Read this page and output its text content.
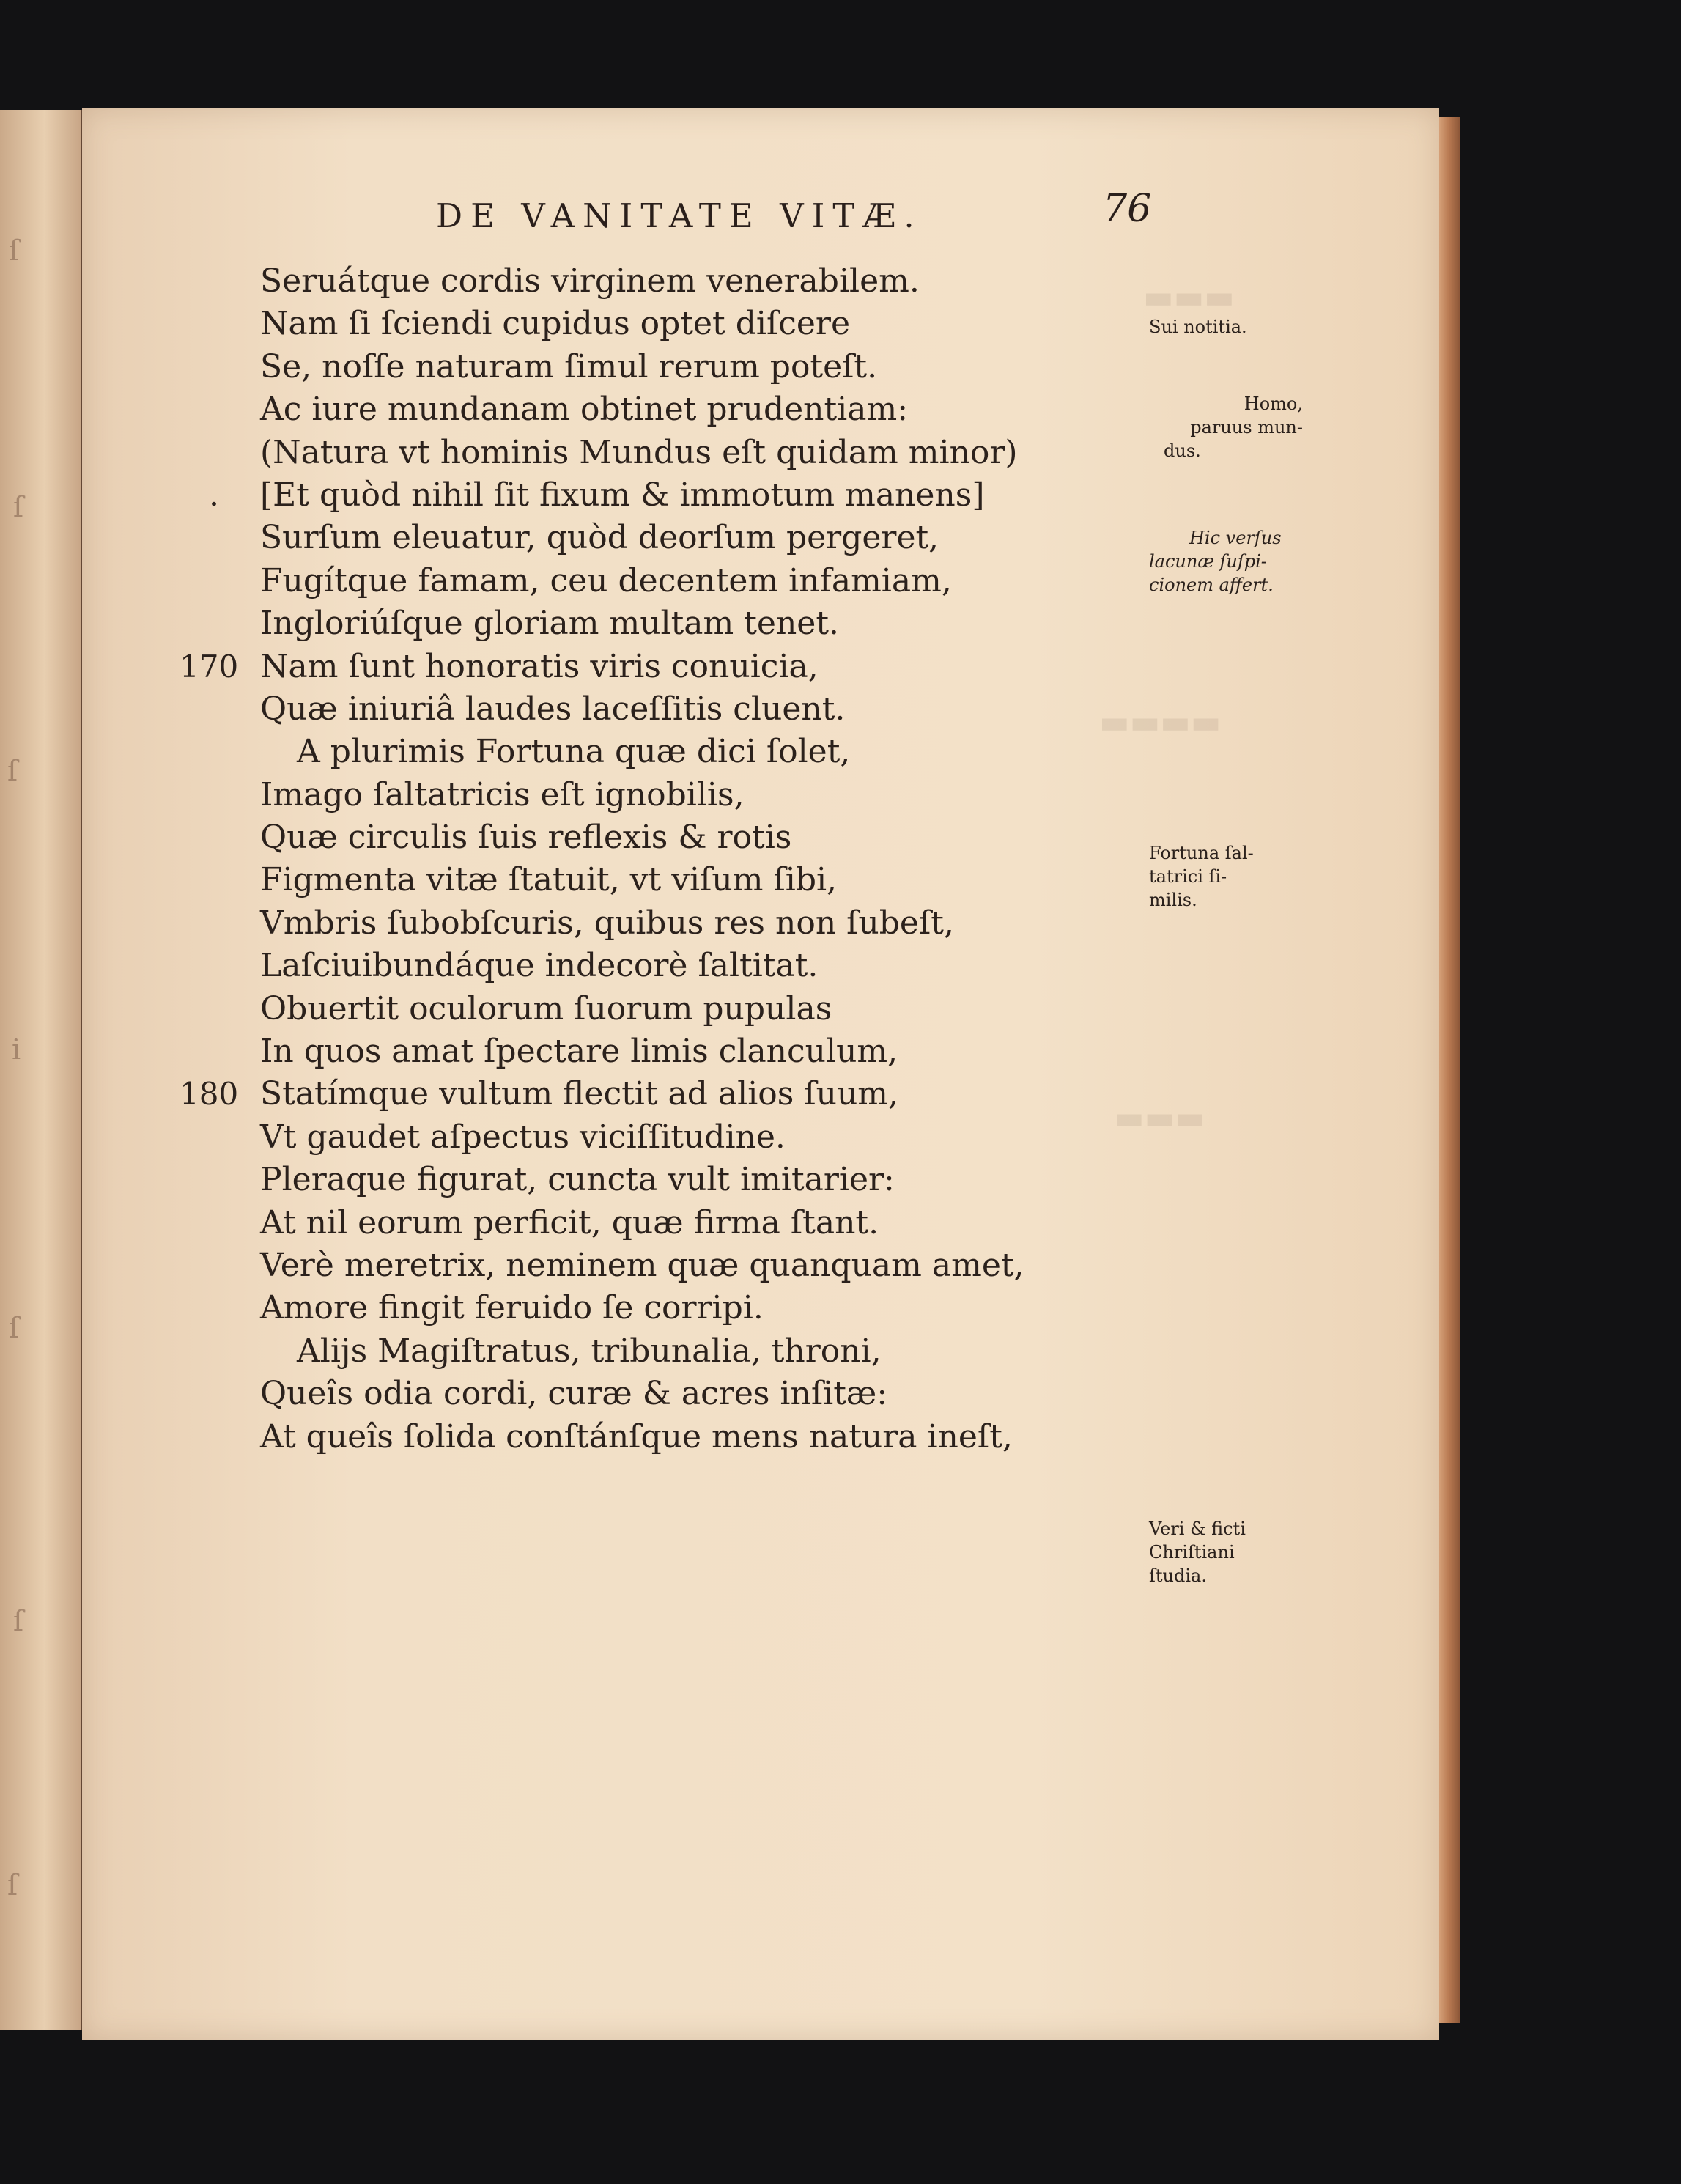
ſ
ſ
ſ
i
ſ
ſ
ſ
▬▬▬
▬▬▬▬
▬▬▬
DE VANITATE VITÆ.	76
Seruátque cordis virginem venerabilem.
Nam ſi ſciendi cupidus optet diſcere
Se, noſſe naturam ſimul rerum poteſt.
Ac iure mundanam obtinet prudentiam:
(Natura vt hominis Mundus eſt quidam minor)
. [Et quòd nihil ſit fixum & immotum manens]
Surſum eleuatur, quòd deorſum pergeret,
Fugítque famam, ceu decentem infamiam,
Ingloriúſque gloriam multam tenet.
170 Nam ſunt honoratis viris conuicia,
Quæ iniuriâ laudes laceſſitis cluent.
A plurimis Fortuna quæ dici ſolet,
Imago ſaltatricis eſt ignobilis,
Quæ circulis ſuis reflexis & rotis
Figmenta vitæ ſtatuit, vt viſum ſibi,
Vmbris ſubobſcuris, quibus res non ſubeſt,
Laſciuibundáque indecorè ſaltitat.
Obuertit oculorum ſuorum pupulas
In quos amat ſpectare limis clanculum,
180 Statímque vultum flectit ad alios ſuum,
Vt gaudet aſpectus viciſſitudine.
Pleraque figurat, cuncta vult imitarier:
At nil eorum perficit, quæ firma ſtant.
Verè meretrix, neminem quæ quanquam amet,
Amore fingit feruido ſe corripi.
Alijs Magiſtratus, tribunalia, throni,
Queîs odia cordi, curæ & acres inſitæ:
At queîs ſolida conſtánſque mens natura ineſt,
Sui notitia.
Homo,
paruus mun-
dus.
Hic verſus
lacunæ ſuſpi-
cionem affert.
Fortuna ſal-
tatrici ſi-
milis.
Veri & ficti
Chriſtiani
ſtudia.
